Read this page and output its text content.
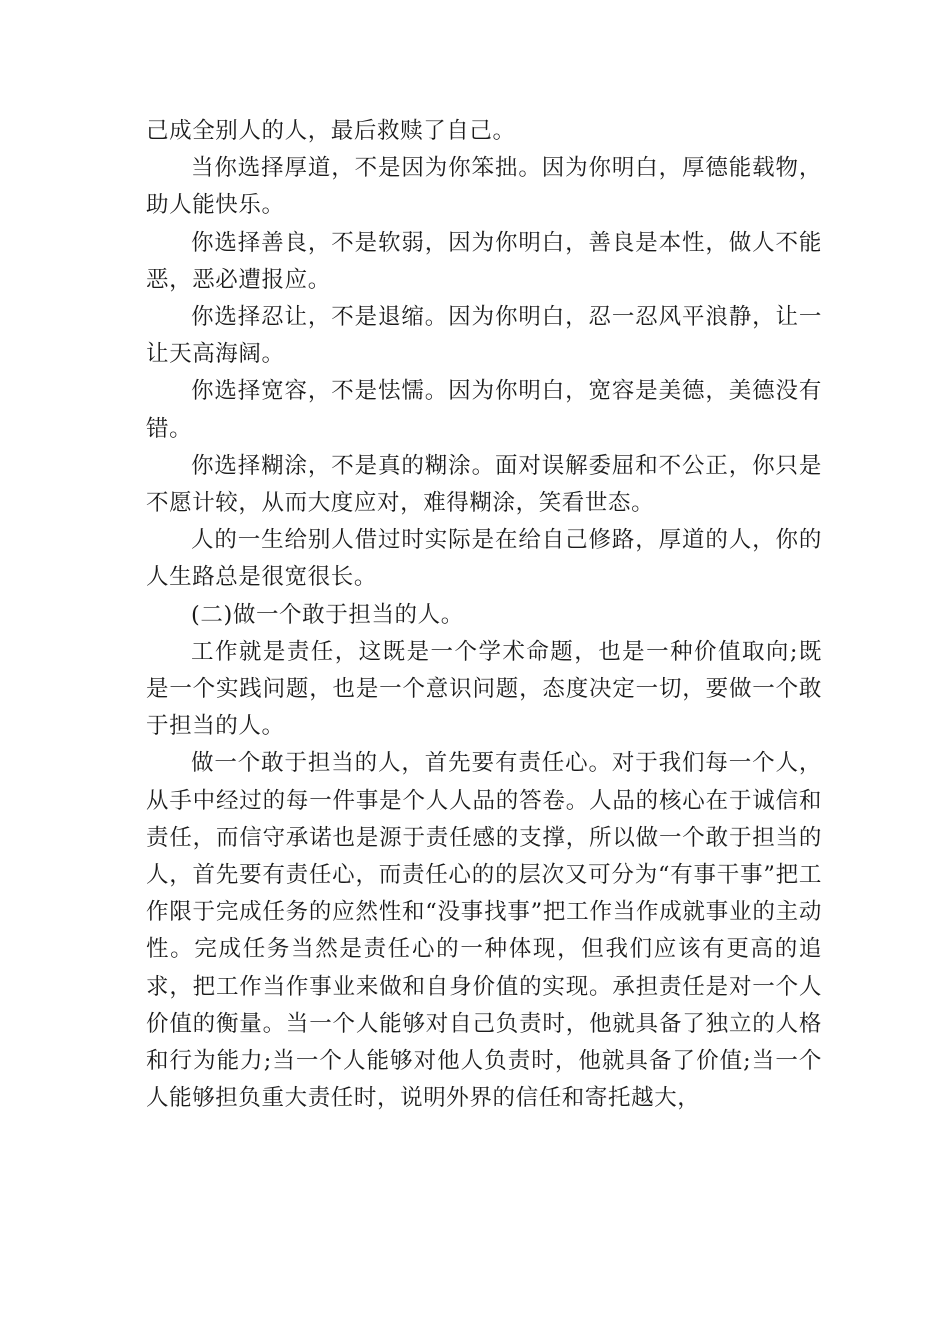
己成全别人的人，最后救赎了自己。

当你选择厚道，不是因为你笨拙。因为你明白，厚德能载物，助人能快乐。

你选择善良，不是软弱，因为你明白，善良是本性，做人不能恶，恶必遭报应。

你选择忍让，不是退缩。因为你明白，忍一忍风平浪静，让一让天高海阔。

你选择宽容，不是怯懦。因为你明白，宽容是美德，美德没有错。

你选择糊涂，不是真的糊涂。面对误解委屈和不公正，你只是不愿计较，从而大度应对，难得糊涂，笑看世态。

人的一生给别人借过时实际是在给自己修路，厚道的人，你的人生路总是很宽很长。

(二)做一个敢于担当的人。

工作就是责任，这既是一个学术命题，也是一种价值取向;既是一个实践问题，也是一个意识问题，态度决定一切，要做一个敢于担当的人。

做一个敢于担当的人，首先要有责任心。对于我们每一个人，从手中经过的每一件事是个人人品的答卷。人品的核心在于诚信和责任，而信守承诺也是源于责任感的支撑，所以做一个敢于担当的人，首先要有责任心，而责任心的的层次又可分为“有事干事”把工作限于完成任务的应然性和“没事找事”把工作当作成就事业的主动性。完成任务当然是责任心的一种体现，但我们应该有更高的追求，把工作当作事业来做和自身价值的实现。承担责任是对一个人价值的衡量。当一个人能够对自己负责时，他就具备了独立的人格和行为能力;当一个人能够对他人负责时，他就具备了价值;当一个人能够担负重大责任时，说明外界的信任和寄托越大，
